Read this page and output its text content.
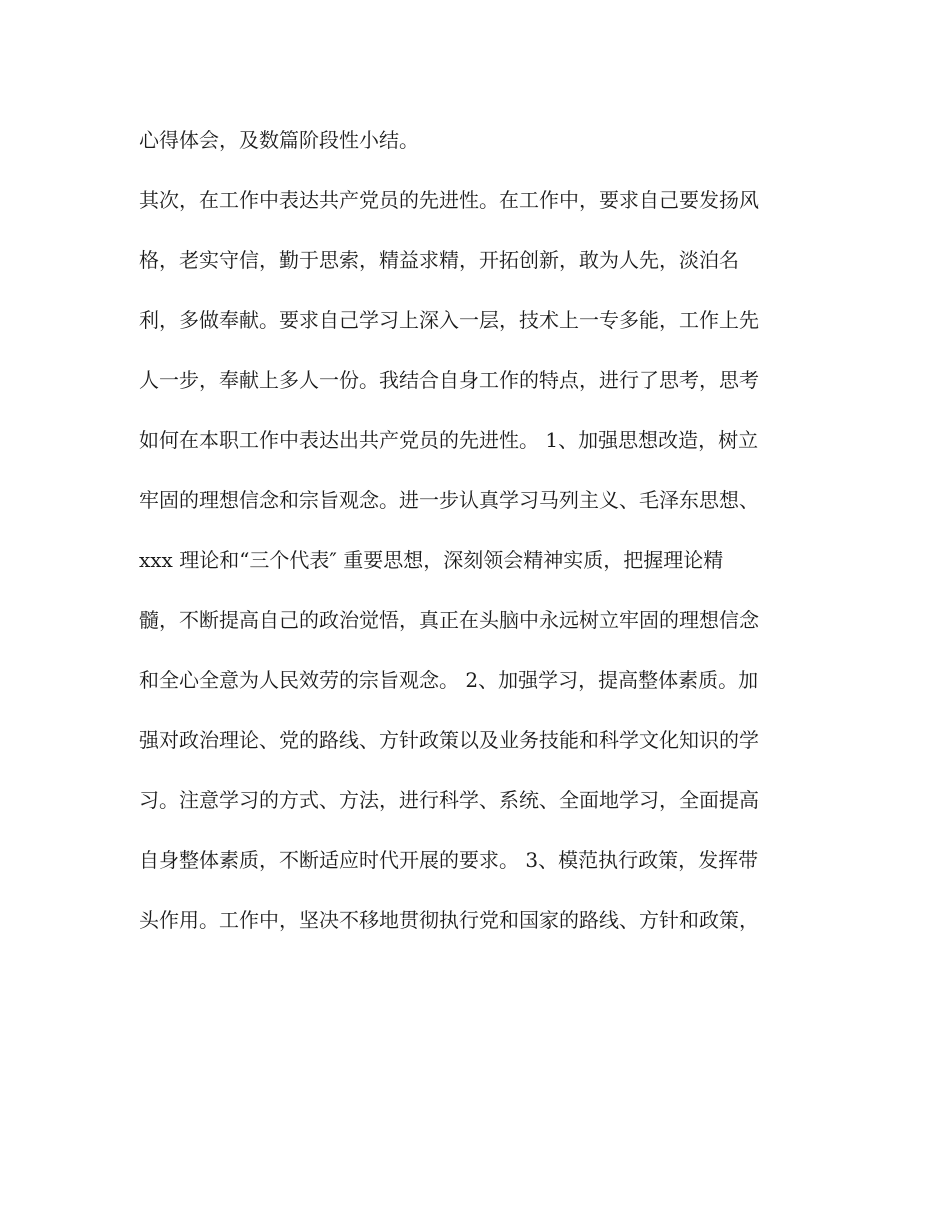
心得体会，及数篇阶段性小结。
其次，在工作中表达共产党员的先进性。在工作中，要求自己要发扬风
格，老实守信，勤于思索，精益求精，开拓创新，敢为人先，淡泊名
利，多做奉献。要求自己学习上深入一层，技术上一专多能，工作上先
人一步，奉献上多人一份。我结合自身工作的特点，进行了思考，思考
如何在本职工作中表达出共产党员的先进性。 1、加强思想改造，树立
牢固的理想信念和宗旨观念。进一步认真学习马列主义、毛泽东思想、
xxx 理论和“三个代表″ 重要思想，深刻领会精神实质，把握理论精
髓，不断提高自己的政治觉悟，真正在头脑中永远树立牢固的理想信念
和全心全意为人民效劳的宗旨观念。 2、加强学习，提高整体素质。加
强对政治理论、党的路线、方针政策以及业务技能和科学文化知识的学
习。注意学习的方式、方法，进行科学、系统、全面地学习，全面提高
自身整体素质，不断适应时代开展的要求。 3、模范执行政策，发挥带
头作用。工作中，坚决不移地贯彻执行党和国家的路线、方针和政策，
